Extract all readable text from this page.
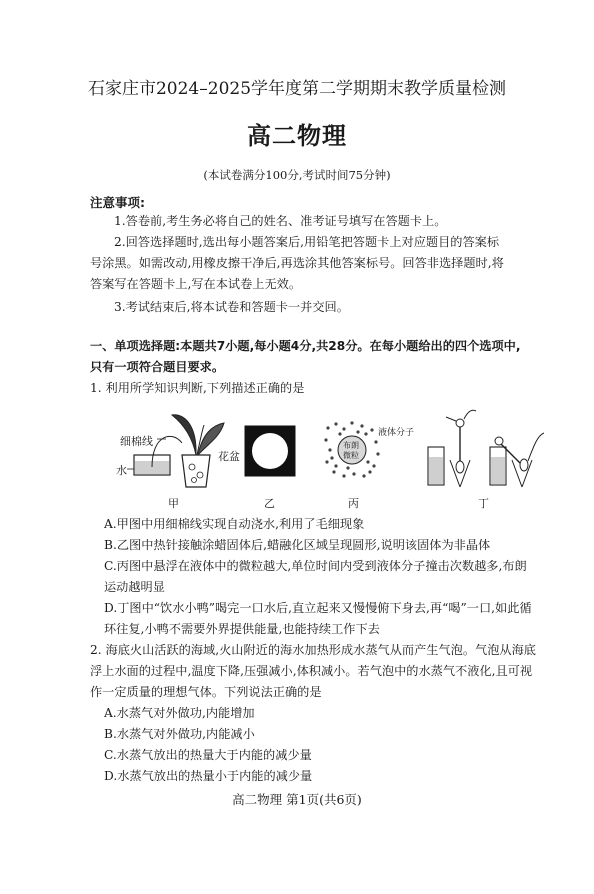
石家庄市2024–2025学年度第二学期期末教学质量检测
高二物理
(本试卷满分100分,考试时间75分钟)
注意事项:
1.答卷前,考生务必将自己的姓名、准考证号填写在答题卡上。
2.回答选择题时,选出每小题答案后,用铅笔把答题卡上对应题目的答案标号涂黑。如需改动,用橡皮擦干净后,再选涂其他答案标号。回答非选择题时,将答案写在答题卡上,写在本试卷上无效。
3.考试结束后,将本试卷和答题卡一并交回。
一、单项选择题:本题共7小题,每小题4分,共28分。在每小题给出的四个选项中,只有一项符合题目要求。
1. 利用所学知识判断,下列描述正确的是
细棉线
水
花盆
布朗
微粒
液体分子
甲	乙	丙	丁
A.甲图中用细棉线实现自动浇水,利用了毛细现象
B.乙图中热针接触涂蜡固体后,蜡融化区域呈现圆形,说明该固体为非晶体
C.丙图中悬浮在液体中的微粒越大,单位时间内受到液体分子撞击次数越多,布朗运动越明显
D.丁图中“饮水小鸭”喝完一口水后,直立起来又慢慢俯下身去,再“喝”一口,如此循环往复,小鸭不需要外界提供能量,也能持续工作下去
2. 海底火山活跃的海域,火山附近的海水加热形成水蒸气从而产生气泡。气泡从海底浮上水面的过程中,温度下降,压强减小,体积减小。若气泡中的水蒸气不液化,且可视作一定质量的理想气体。下列说法正确的是
A.水蒸气对外做功,内能增加
B.水蒸气对外做功,内能减小
C.水蒸气放出的热量大于内能的减少量
D.水蒸气放出的热量小于内能的减少量
高二物理 第1页(共6页)
